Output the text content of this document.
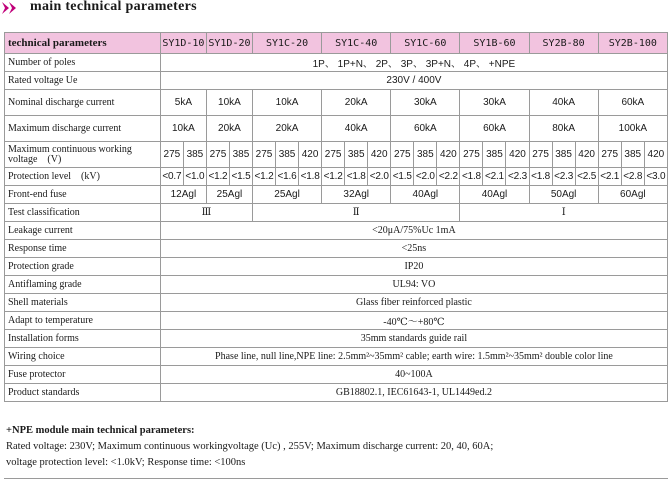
main technical parameters
technical parameters	SY1D-10		SY1D-20		SY1C-20			SY1C-40			SY1C-60			SY1B-60			SY2B-80			SY2B-100		
Number of poles	1P、 1P+N、 2P、 3P、 3P+N、 4P、 +NPE																					
Rated voltage Ue	230V / 400V																					
Nominal discharge current	5kA		10kA		10kA			20kA			30kA			30kA			40kA			60kA		
Maximum discharge current	10kA		20kA		20kA			40kA			60kA			60kA			80kA			100kA		
Maximum continuous working voltage　(V)	275	385	275	385	275	385	420	275	385	420	275	385	420	275	385	420	275	385	420	275	385	420
Protection level　(kV)	<0.7	<1.0	<1.2	<1.5	<1.2	<1.6	<1.8	<1.2	<1.8	<2.0	<1.5	<2.0	<2.2	<1.8	<2.1	<2.3	<1.8	<2.3	<2.5	<2.1	<2.8	<3.0
Front-end fuse	12Agl		25Agl		25Agl			32Agl			40Agl			40Agl			50Agl			60Agl		
Test classification	Ⅲ				Ⅱ									Ⅰ								
Leakage current	<20μA/75%Uc 1mA																					
Response time	<25ns																					
Protection grade	IP20																					
Antiflaming grade	UL94: VO																					
Shell materials	Glass fiber reinforced plastic																					
Adapt to temperature	-40℃～+80℃																					
Installation forms	35mm standards guide rail																					
Wiring choice	Phase line, null line,NPE line: 2.5mm²~35mm² cable; earth wire: 1.5mm²~35mm² double color line																					
Fuse protector	40~100A																					
Product standards	GB18802.1, IEC61643-1, UL1449ed.2																					
+NPE module main technical parameters:
Rated voltage: 230V; Maximum continuous workingvoltage (Uc) , 255V; Maximum discharge current: 20, 40, 60A;
voltage protection level: <1.0kV; Response time: <100ns
